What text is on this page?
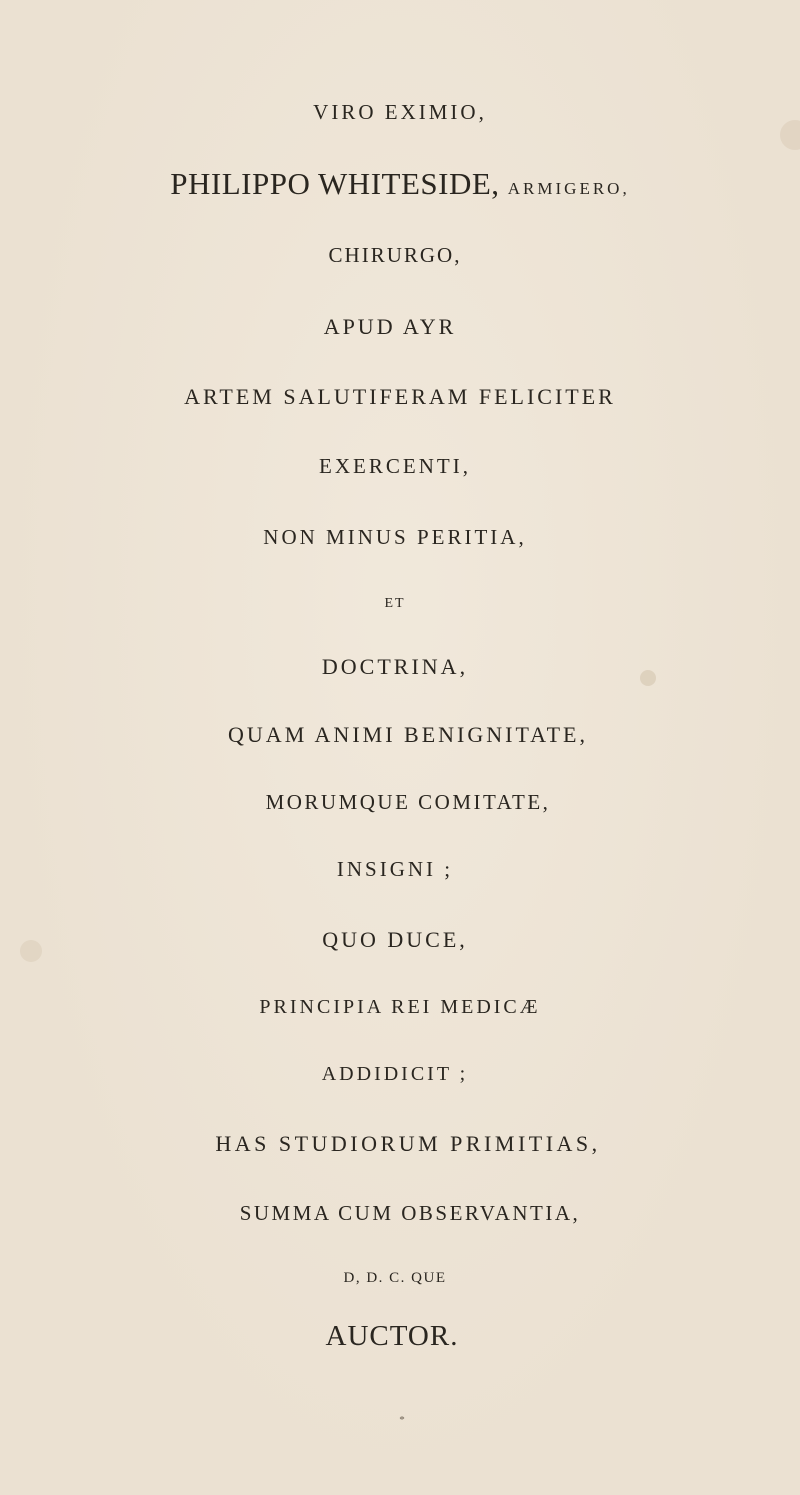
VIRO EXIMIO,
PHILIPPO WHITESIDE, ARMIGERO,
CHIRURGO,
APUD AYR
ARTEM SALUTIFERAM FELICITER
EXERCENTI,
NON MINUS PERITIA,
ET
DOCTRINA,
QUAM ANIMI BENIGNITATE,
MORUMQUE COMITATE,
INSIGNI ;
QUO DUCE,
PRINCIPIA REI MEDICÆ
ADDIDICIT ;
HAS STUDIORUM PRIMITIAS,
SUMMA CUM OBSERVANTIA,
D, D. C. QUE
AUCTOR.
*
